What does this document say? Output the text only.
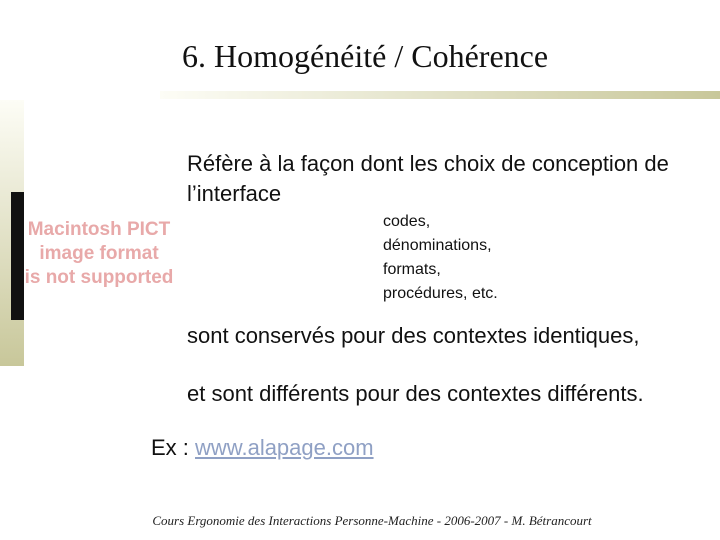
6. Homogénéité / Cohérence
Macintosh PICT
image format
is not supported
Réfère à la façon dont les choix de conception de l’interface
codes,
dénominations,
formats,
procédures, etc.
sont conservés pour des contextes identiques,
et sont différents pour des contextes différents.
Ex : www.alapage.com
Cours Ergonomie des Interactions Personne-Machine - 2006-2007 - M. Bétrancourt
